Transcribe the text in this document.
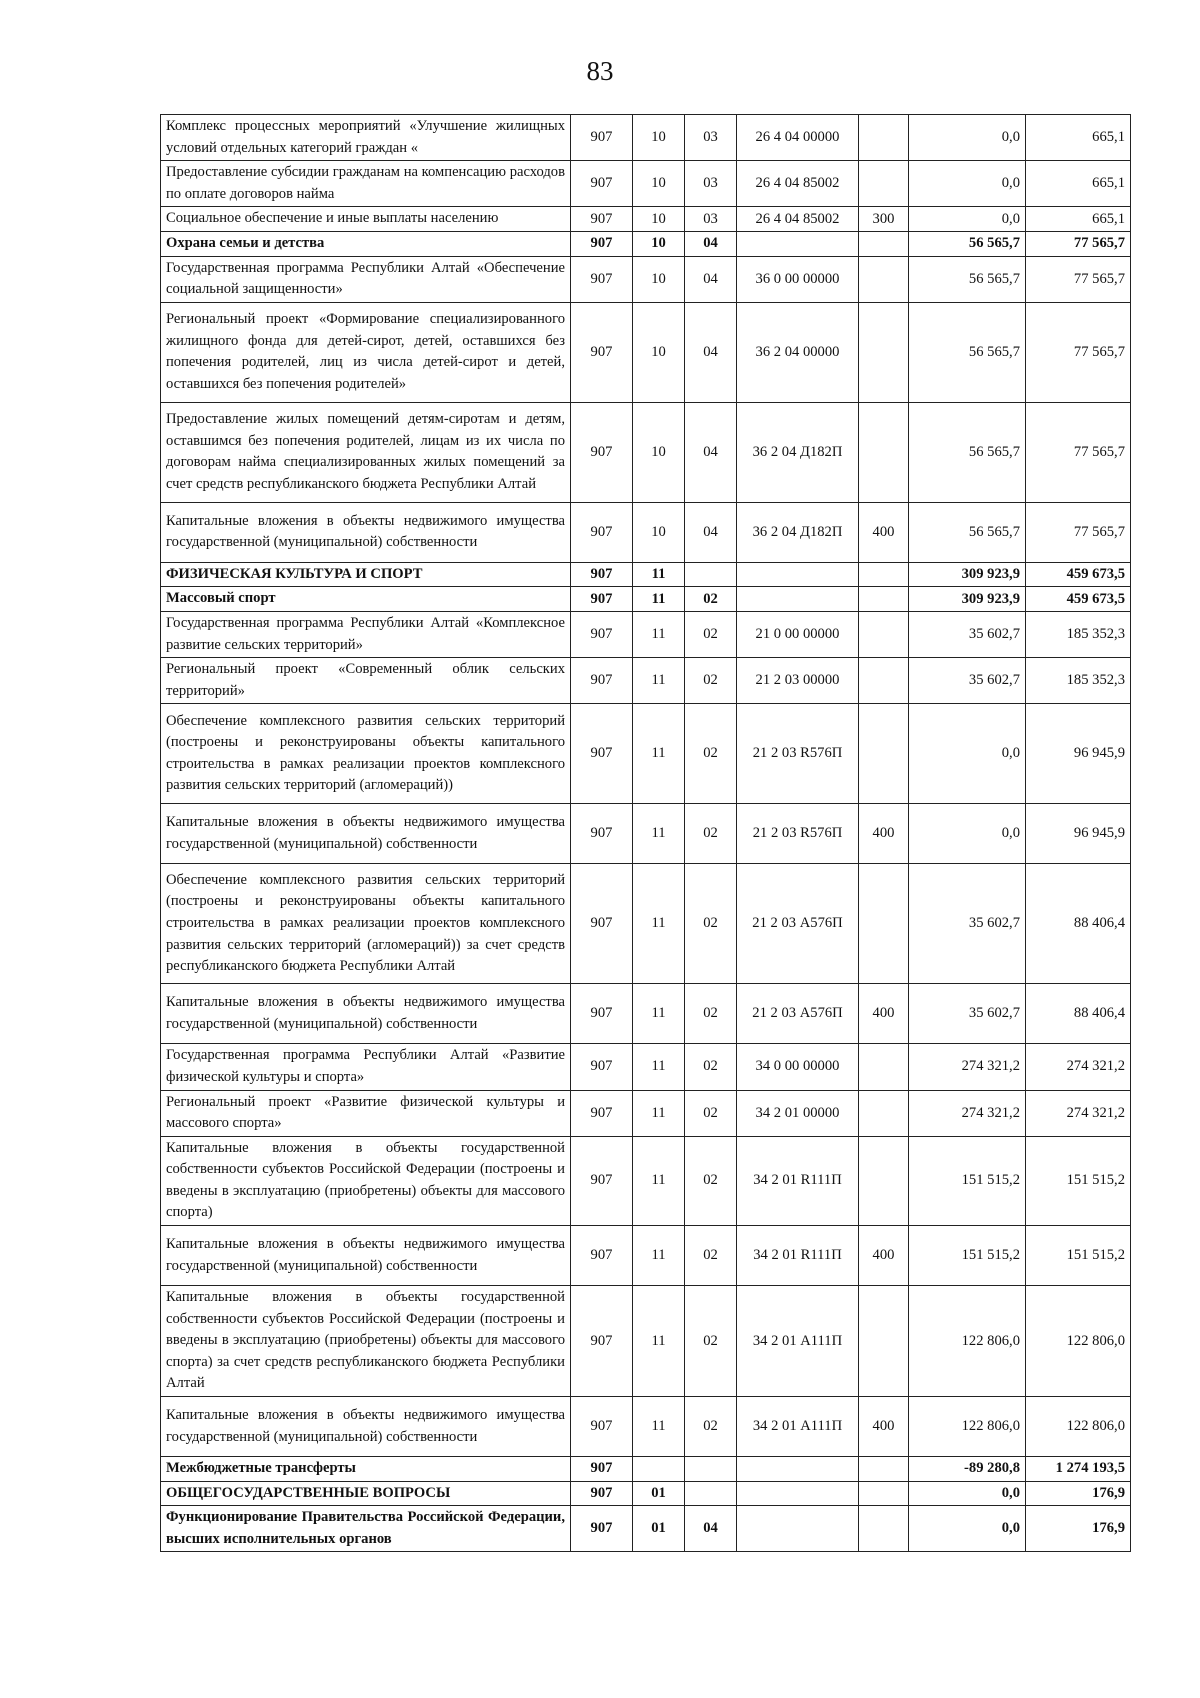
83
Комплекс процессных мероприятий «Улучшение жилищных условий отдельных категорий граждан «	907	10	03	26 4 04 00000		0,0	665,1
Предоставление субсидии гражданам на компенсацию расходов по оплате договоров найма	907	10	03	26 4 04 85002		0,0	665,1
Социальное обеспечение и иные выплаты населению	907	10	03	26 4 04 85002	300	0,0	665,1
Охрана семьи и детства	907	10	04			56 565,7	77 565,7
Государственная программа Республики Алтай «Обеспечение социальной защищенности»	907	10	04	36 0 00 00000		56 565,7	77 565,7
Региональный проект «Формирование специализированного жилищного фонда для детей-сирот, детей, оставшихся без попечения родителей, лиц из числа детей-сирот и детей, оставшихся без попечения родителей»	907	10	04	36 2 04 00000		56 565,7	77 565,7
Предоставление жилых помещений детям-сиротам и детям, оставшимся без попечения родителей, лицам из их числа по договорам найма специализированных жилых помещений за счет средств республиканского бюджета Республики Алтай	907	10	04	36 2 04 Д182П		56 565,7	77 565,7
Капитальные вложения в объекты недвижимого имущества государственной (муниципальной) собственности	907	10	04	36 2 04 Д182П	400	56 565,7	77 565,7
ФИЗИЧЕСКАЯ КУЛЬТУРА И СПОРТ	907	11				309 923,9	459 673,5
Массовый спорт	907	11	02			309 923,9	459 673,5
Государственная программа Республики Алтай «Комплексное развитие сельских территорий»	907	11	02	21 0 00 00000		35 602,7	185 352,3
Региональный проект «Современный облик сельских территорий»	907	11	02	21 2 03 00000		35 602,7	185 352,3
Обеспечение комплексного развития сельских территорий (построены и реконструированы объекты капитального строительства в рамках реализации проектов комплексного развития сельских территорий (агломераций))	907	11	02	21 2 03 R576П		0,0	96 945,9
Капитальные вложения в объекты недвижимого имущества государственной (муниципальной) собственности	907	11	02	21 2 03 R576П	400	0,0	96 945,9
Обеспечение комплексного развития сельских территорий (построены и реконструированы объекты капитального строительства в рамках реализации проектов комплексного развития сельских территорий (агломераций)) за счет средств республиканского бюджета Республики Алтай	907	11	02	21 2 03 А576П		35 602,7	88 406,4
Капитальные вложения в объекты недвижимого имущества государственной (муниципальной) собственности	907	11	02	21 2 03 А576П	400	35 602,7	88 406,4
Государственная программа Республики Алтай «Развитие физической культуры и спорта»	907	11	02	34 0 00 00000		274 321,2	274 321,2
Региональный проект «Развитие физической культуры и массового спорта»	907	11	02	34 2 01 00000		274 321,2	274 321,2
Капитальные вложения в объекты государственной собственности субъектов Российской Федерации (построены и введены в эксплуатацию (приобретены) объекты для массового спорта)	907	11	02	34 2 01 R111П		151 515,2	151 515,2
Капитальные вложения в объекты недвижимого имущества государственной (муниципальной) собственности	907	11	02	34 2 01 R111П	400	151 515,2	151 515,2
Капитальные вложения в объекты государственной собственности субъектов Российской Федерации (построены и введены в эксплуатацию (приобретены) объекты для массового спорта) за счет средств республиканского бюджета Республики Алтай	907	11	02	34 2 01 А111П		122 806,0	122 806,0
Капитальные вложения в объекты недвижимого имущества государственной (муниципальной) собственности	907	11	02	34 2 01 А111П	400	122 806,0	122 806,0
Межбюджетные трансферты	907					-89 280,8	1 274 193,5
ОБЩЕГОСУДАРСТВЕННЫЕ ВОПРОСЫ	907	01				0,0	176,9
Функционирование Правительства Российской Федерации, высших исполнительных органов	907	01	04			0,0	176,9
